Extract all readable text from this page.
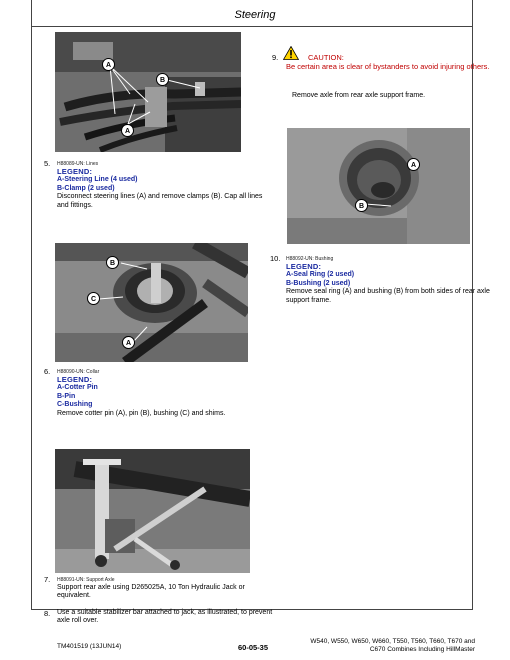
Steering
A
B
A
5. H88089-UN: Lines
LEGEND:
A-Steering Line (4 used)
B-Clamp (2 used)
Disconnect steering lines (A) and remove clamps (B). Cap all lines and fittings.
B
C
A
6. H88090-UN: Collar
LEGEND:
A-Cotter Pin
B-Pin
C-Bushing
Remove cotter pin (A), pin (B), bushing (C) and shims.
7. H88091-UN: Support Axle
Support rear axle using D265025A, 10 Ton Hydraulic Jack or equivalent.
8. Use a suitable stabilizer bar attached to jack, as illustrated, to prevent axle roll over.
9.	CAUTION:
Be certain area is clear of bystanders to avoid injuring others.
Remove axle from rear axle support frame.
A
B
10. H88092-UN: Bushing
LEGEND:
A-Seal Ring (2 used)
B-Bushing (2 used)
Remove seal ring (A) and bushing (B) from both sides of rear axle support frame.
TM401519 (13JUN14)	60-05-35
W540, W550, W650, W660, T550, T560, T660, T670 and
C670 Combines Including HillMaster
